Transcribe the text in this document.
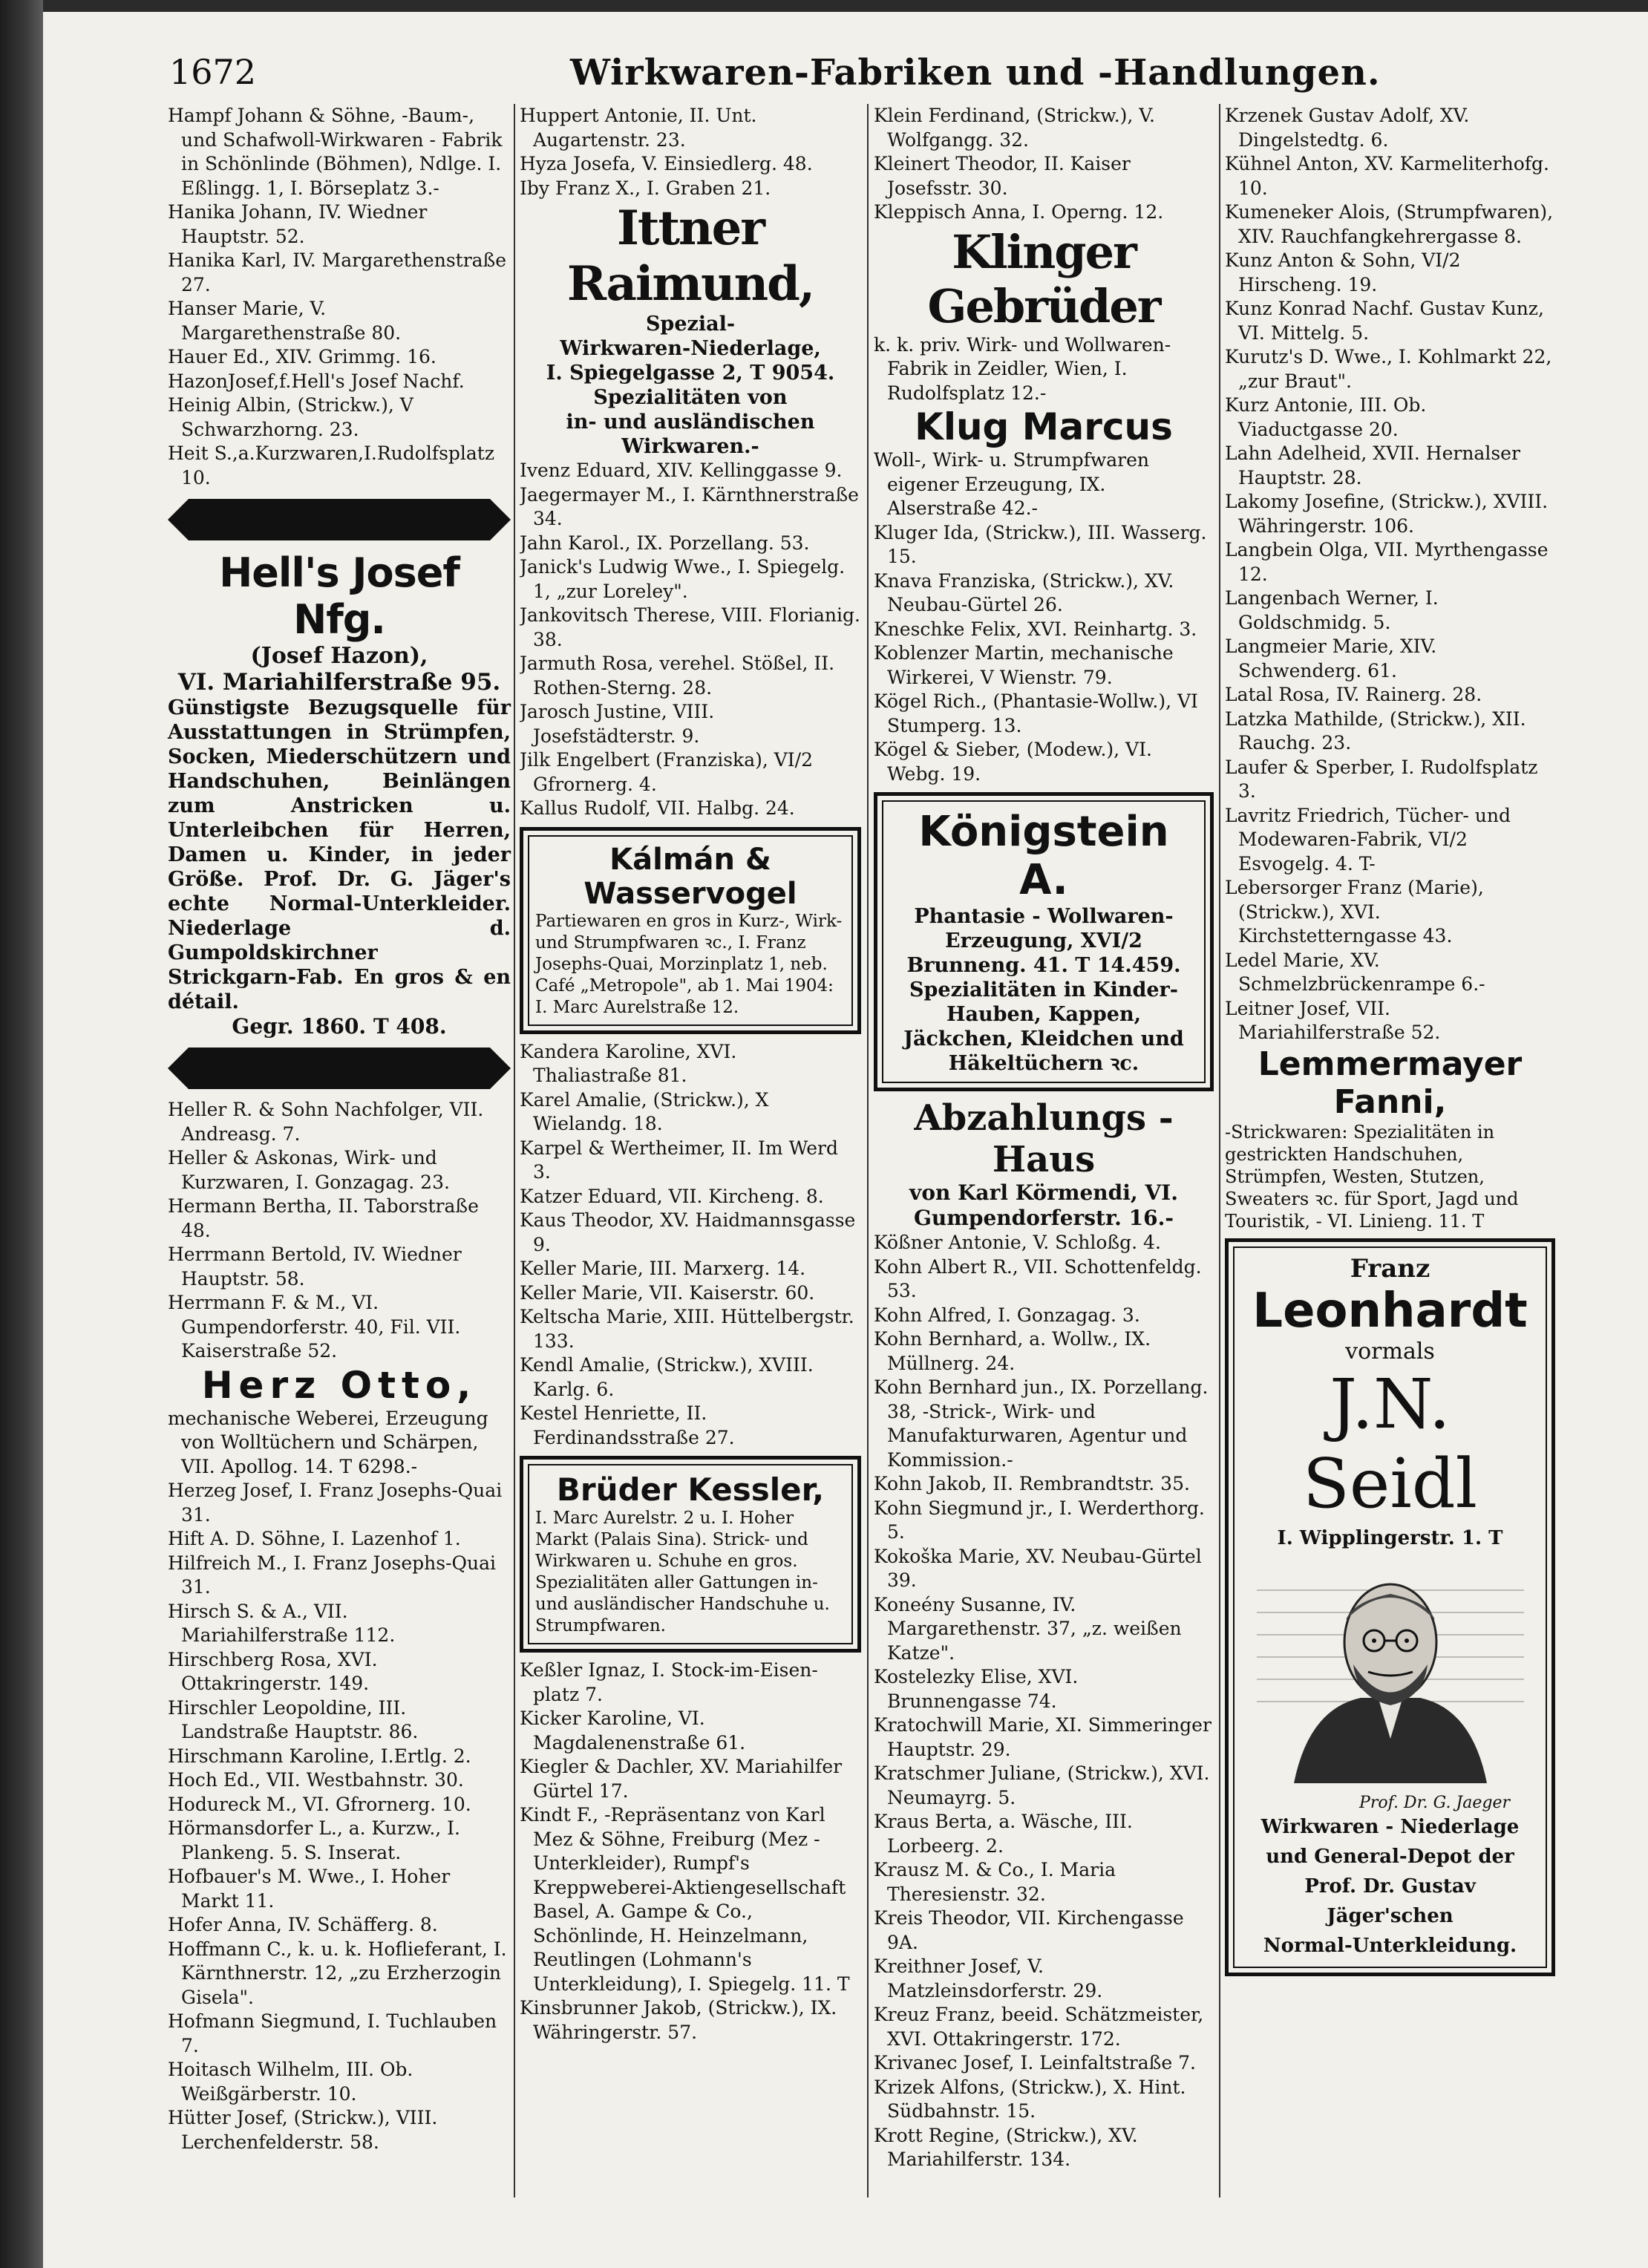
1672	Wirkwaren-Fabriken und -Handlungen.
Hampf Johann & Söhne, -Baum-, und Schafwoll-Wirkwaren - Fabrik in Schönlinde (Böhmen), Ndlge. I. Eßlingg. 1, I. Börseplatz 3.-
Hanika Johann, IV. Wiedner Hauptstr. 52.
Hanika Karl, IV. Margarethenstraße 27.
Hanser Marie, V. Margarethenstraße 80.
Hauer Ed., XIV. Grimmg. 16.
HazonJosef,f.Hell's Josef Nachf.
Heinig Albin, (Strickw.), V Schwarzhorng. 23.
Heit S.,a.Kurzwaren,I.Rudolfsplatz 10.
Hell's Josef Nfg.
(Josef Hazon),
VI. Mariahilferstraße 95.
Günstigste Bezugsquelle für Ausstattungen in Strümpfen, Socken, Miederschützern und Handschuhen, Beinlängen zum Anstricken u. Unterleibchen für Herren, Damen u. Kinder, in jeder Größe. Prof. Dr. G. Jäger's echte Normal-Unterkleider. Niederlage d. Gumpoldskirchner Strickgarn-Fab. En gros & en détail.
Gegr. 1860. T 408.
Heller R. & Sohn Nachfolger, VII. Andreasg. 7.
Heller & Askonas, Wirk- und Kurzwaren, I. Gonzagag. 23.
Hermann Bertha, II. Taborstraße 48.
Herrmann Bertold, IV. Wiedner Hauptstr. 58.
Herrmann F. & M., VI. Gumpendorferstr. 40, Fil. VII. Kaiserstraße 52.
Herz Otto,
mechanische Weberei, Erzeugung von Wolltüchern und Schärpen, VII. Apollog. 14. T 6298.-
Herzeg Josef, I. Franz Josephs-Quai 31.
Hift A. D. Söhne, I. Lazenhof 1.
Hilfreich M., I. Franz Josephs-Quai 31.
Hirsch S. & A., VII. Mariahilferstraße 112.
Hirschberg Rosa, XVI. Ottakringerstr. 149.
Hirschler Leopoldine, III. Landstraße Hauptstr. 86.
Hirschmann Karoline, I.Ertlg. 2.
Hoch Ed., VII. Westbahnstr. 30.
Hodureck M., VI. Gfrornerg. 10.
Hörmansdorfer L., a. Kurzw., I. Plankeng. 5. S. Inserat.
Hofbauer's M. Wwe., I. Hoher Markt 11.
Hofer Anna, IV. Schäfferg. 8.
Hoffmann C., k. u. k. Hoflieferant, I. Kärnthnerstr. 12, „zu Erzherzogin Gisela".
Hofmann Siegmund, I. Tuchlauben 7.
Hoitasch Wilhelm, III. Ob. Weißgärberstr. 10.
Hütter Josef, (Strickw.), VIII. Lerchenfelderstr. 58.
Huppert Antonie, II. Unt. Augartenstr. 23.
Hyza Josefa, V. Einsiedlerg. 48.
Iby Franz X., I. Graben 21.
Ittner Raimund,
Spezial-
Wirkwaren-Niederlage,
I. Spiegelgasse 2, T 9054.
Spezialitäten von
in- und ausländischen
Wirkwaren.-
Ivenz Eduard, XIV. Kellinggasse 9.
Jaegermayer M., I. Kärnthnerstraße 34.
Jahn Karol., IX. Porzellang. 53.
Janick's Ludwig Wwe., I. Spiegelg. 1, „zur Loreley".
Jankovitsch Therese, VIII. Florianig. 38.
Jarmuth Rosa, verehel. Stößel, II. Rothen-Sterng. 28.
Jarosch Justine, VIII. Josefstädterstr. 9.
Jilk Engelbert (Franziska), VI/2 Gfrornerg. 4.
Kallus Rudolf, VII. Halbg. 24.
Kálmán & Wasservogel
Partiewaren en gros in Kurz-, Wirk- und Strumpfwaren ꝛc., I. Franz Josephs-Quai, Morzinplatz 1, neb. Café „Metropole", ab 1. Mai 1904: I. Marc Aurelstraße 12.
Kandera Karoline, XVI. Thaliastraße 81.
Karel Amalie, (Strickw.), X Wielandg. 18.
Karpel & Wertheimer, II. Im Werd 3.
Katzer Eduard, VII. Kircheng. 8.
Kaus Theodor, XV. Haidmannsgasse 9.
Keller Marie, III. Marxerg. 14.
Keller Marie, VII. Kaiserstr. 60.
Keltscha Marie, XIII. Hüttelbergstr. 133.
Kendl Amalie, (Strickw.), XVIII. Karlg. 6.
Kestel Henriette, II. Ferdinandsstraße 27.
Brüder Kessler,
I. Marc Aurelstr. 2 u. I. Hoher Markt (Palais Sina). Strick- und Wirkwaren u. Schuhe en gros. Spezialitäten aller Gattungen in- und ausländischer Handschuhe u. Strumpfwaren.
Keßler Ignaz, I. Stock-im-Eisen-platz 7.
Kicker Karoline, VI. Magdalenenstraße 61.
Kiegler & Dachler, XV. Mariahilfer Gürtel 17.
Kindt F., -Repräsentanz von Karl Mez & Söhne, Freiburg (Mez - Unterkleider), Rumpf's Kreppweberei-Aktiengesellschaft Basel, A. Gampe & Co., Schönlinde, H. Heinzelmann, Reutlingen (Lohmann's Unterkleidung), I. Spiegelg. 11. T
Kinsbrunner Jakob, (Strickw.), IX. Währingerstr. 57.
Klein Ferdinand, (Strickw.), V. Wolfgangg. 32.
Kleinert Theodor, II. Kaiser Josefsstr. 30.
Kleppisch Anna, I. Operng. 12.
Klinger Gebrüder
k. k. priv. Wirk- und Wollwaren-Fabrik in Zeidler, Wien, I. Rudolfsplatz 12.-
Klug Marcus
Woll-, Wirk- u. Strumpfwaren eigener Erzeugung, IX. Alserstraße 42.-
Kluger Ida, (Strickw.), III. Wasserg. 15.
Knava Franziska, (Strickw.), XV. Neubau-Gürtel 26.
Kneschke Felix, XVI. Reinhartg. 3.
Koblenzer Martin, mechanische Wirkerei, V Wienstr. 79.
Kögel Rich., (Phantasie-Wollw.), VI Stumperg. 13.
Kögel & Sieber, (Modew.), VI. Webg. 19.
Königstein A.
Phantasie - Wollwaren-Erzeugung, XVI/2 Brunneng. 41. T 14.459. Spezialitäten in Kinder-Hauben, Kappen, Jäckchen, Kleidchen und Häkeltüchern ꝛc.
Abzahlungs - Haus
von Karl Körmendi, VI. Gumpendorferstr. 16.-
Kößner Antonie, V. Schloßg. 4.
Kohn Albert R., VII. Schottenfeldg. 53.
Kohn Alfred, I. Gonzagag. 3.
Kohn Bernhard, a. Wollw., IX. Müllnerg. 24.
Kohn Bernhard jun., IX. Porzellang. 38, -Strick-, Wirk- und Manufakturwaren, Agentur und Kommission.-
Kohn Jakob, II. Rembrandtstr. 35.
Kohn Siegmund jr., I. Werderthorg. 5.
Kokoška Marie, XV. Neubau-Gürtel 39.
Koneény Susanne, IV. Margarethenstr. 37, „z. weißen Katze".
Kostelezky Elise, XVI. Brunnengasse 74.
Kratochwill Marie, XI. Simmeringer Hauptstr. 29.
Kratschmer Juliane, (Strickw.), XVI. Neumayrg. 5.
Kraus Berta, a. Wäsche, III. Lorbeerg. 2.
Krausz M. & Co., I. Maria Theresienstr. 32.
Kreis Theodor, VII. Kirchengasse 9A.
Kreithner Josef, V. Matzleinsdorferstr. 29.
Kreuz Franz, beeid. Schätzmeister, XVI. Ottakringerstr. 172.
Krivanec Josef, I. Leinfaltstraße 7.
Krizek Alfons, (Strickw.), X. Hint. Südbahnstr. 15.
Krott Regine, (Strickw.), XV. Mariahilferstr. 134.
Krzenek Gustav Adolf, XV. Dingelstedtg. 6.
Kühnel Anton, XV. Karmeliterhofg. 10.
Kumeneker Alois, (Strumpfwaren), XIV. Rauchfangkehrergasse 8.
Kunz Anton & Sohn, VI/2 Hirscheng. 19.
Kunz Konrad Nachf. Gustav Kunz, VI. Mittelg. 5.
Kurutz's D. Wwe., I. Kohlmarkt 22, „zur Braut".
Kurz Antonie, III. Ob. Viaductgasse 20.
Lahn Adelheid, XVII. Hernalser Hauptstr. 28.
Lakomy Josefine, (Strickw.), XVIII. Währingerstr. 106.
Langbein Olga, VII. Myrthengasse 12.
Langenbach Werner, I. Goldschmidg. 5.
Langmeier Marie, XIV. Schwenderg. 61.
Latal Rosa, IV. Rainerg. 28.
Latzka Mathilde, (Strickw.), XII. Rauchg. 23.
Laufer & Sperber, I. Rudolfsplatz 3.
Lavritz Friedrich, Tücher- und Modewaren-Fabrik, VI/2 Esvogelg. 4. T-
Lebersorger Franz (Marie), (Strickw.), XVI. Kirchstetterngasse 43.
Ledel Marie, XV. Schmelzbrückenrampe 6.-
Leitner Josef, VII. Mariahilferstraße 52.
Lemmermayer Fanni,
-Strickwaren: Spezialitäten in gestrickten Handschuhen, Strümpfen, Westen, Stutzen, Sweaters ꝛc. für Sport, Jagd und Touristik, - VI. Linieng. 11. T
Franz
Leonhardt
vormals
J.N. Seidl
I. Wipplingerstr. 1. T
Prof. Dr. G. Jaeger
Wirkwaren - Niederlage
und General-Depot der
Prof. Dr. Gustav Jäger'schen
Normal-Unterkleidung.
